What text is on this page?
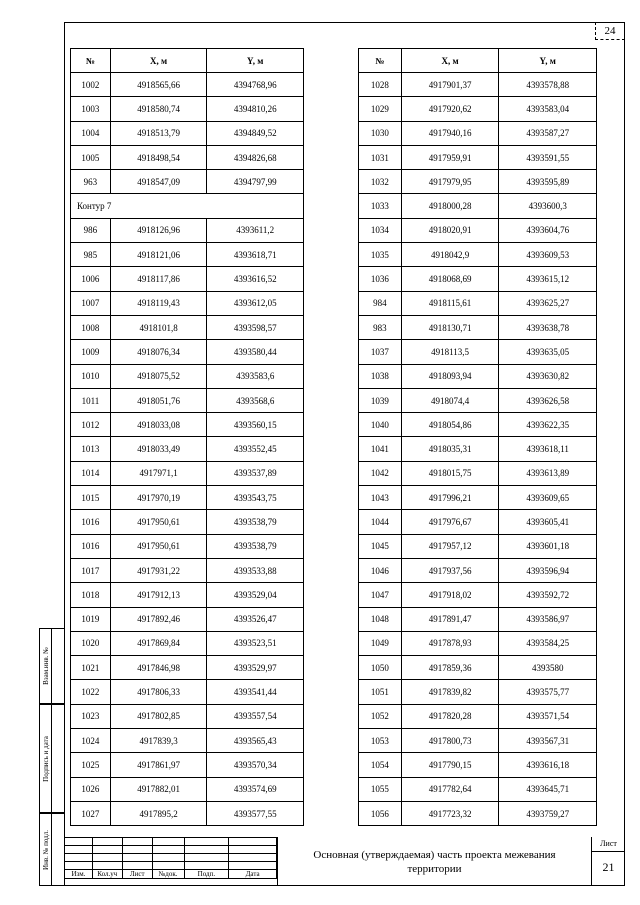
24
Взам.инв. №
Подпись и дата
Инв. № подл.
№	X, м	Y, м
1002	4918565,66	4394768,96
1003	4918580,74	4394810,26
1004	4918513,79	4394849,52
1005	4918498,54	4394826,68
963	4918547,09	4394797,99
Контур 7		
986	4918126,96	4393611,2
985	4918121,06	4393618,71
1006	4918117,86	4393616,52
1007	4918119,43	4393612,05
1008	4918101,8	4393598,57
1009	4918076,34	4393580,44
1010	4918075,52	4393583,6
1011	4918051,76	4393568,6
1012	4918033,08	4393560,15
1013	4918033,49	4393552,45
1014	4917971,1	4393537,89
1015	4917970,19	4393543,75
1016	4917950,61	4393538,79
1016	4917950,61	4393538,79
1017	4917931,22	4393533,88
1018	4917912,13	4393529,04
1019	4917892,46	4393526,47
1020	4917869,84	4393523,51
1021	4917846,98	4393529,97
1022	4917806,33	4393541,44
1023	4917802,85	4393557,54
1024	4917839,3	4393565,43
1025	4917861,97	4393570,34
1026	4917882,01	4393574,69
1027	4917895,2	4393577,55
№	X, м	Y, м
1028	4917901,37	4393578,88
1029	4917920,62	4393583,04
1030	4917940,16	4393587,27
1031	4917959,91	4393591,55
1032	4917979,95	4393595,89
1033	4918000,28	4393600,3
1034	4918020,91	4393604,76
1035	4918042,9	4393609,53
1036	4918068,69	4393615,12
984	4918115,61	4393625,27
983	4918130,71	4393638,78
1037	4918113,5	4393635,05
1038	4918093,94	4393630,82
1039	4918074,4	4393626,58
1040	4918054,86	4393622,35
1041	4918035,31	4393618,11
1042	4918015,75	4393613,89
1043	4917996,21	4393609,65
1044	4917976,67	4393605,41
1045	4917957,12	4393601,18
1046	4917937,56	4393596,94
1047	4917918,02	4393592,72
1048	4917891,47	4393586,97
1049	4917878,93	4393584,25
1050	4917859,36	4393580
1051	4917839,82	4393575,77
1052	4917820,28	4393571,54
1053	4917800,73	4393567,31
1054	4917790,15	4393616,18
1055	4917782,64	4393645,71
1056	4917723,32	4393759,27

Изм.	Кол.уч	Лист	№док.	Подп.	Дата
Основная (утверждаемая) часть проекта межевания территории
Лист
21
